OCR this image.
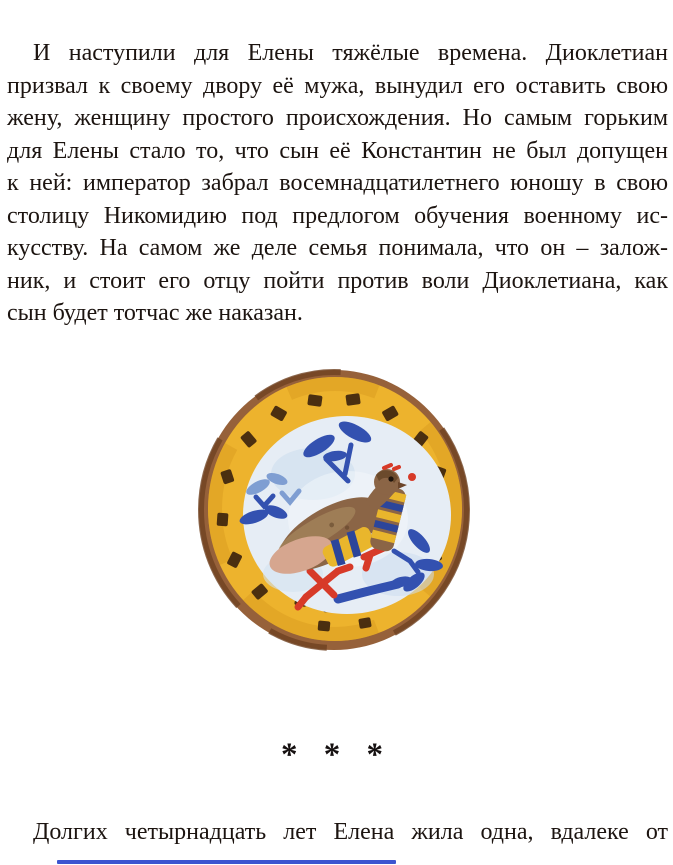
И наступили для Елены тяжёлые времена. Диоклетиан
призвал к своему двору её мужа, вынудил его оставить свою
жену, женщину простого происхождения. Но самым горьким
для Елены стало то, что сын её Константин не был допущен
к ней: император забрал восемнадцатилетнего юношу в свою
столицу Никомидию под предлогом обучения военному ис-
кусству. На самом же деле семья понимала, что он – залож-
ник, и стоит его отцу пойти против воли Диоклетиана, как
сын будет тотчас же наказан.
* * *
Долгих четырнадцать лет Елена жила одна, вдалеке от
